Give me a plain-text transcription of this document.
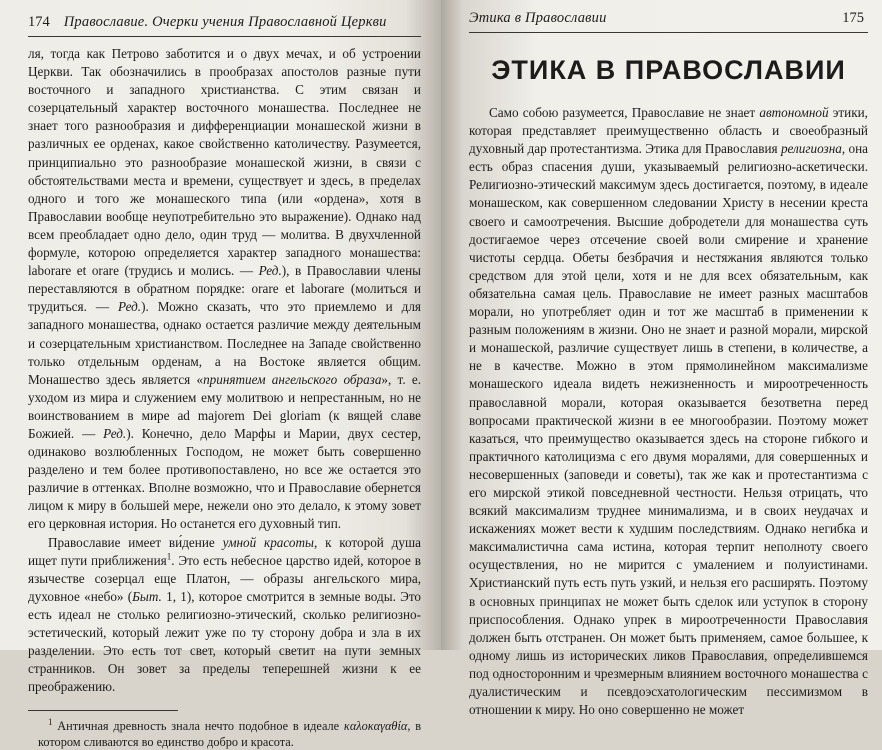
174 Православие. Очерки учения Православной Церкви

ля, тогда как Петрово заботится и о двух мечах, и об устроении Церкви. Так обозначились в прообразах апостолов разные пути восточного и западного христианства. С этим связан и созерцательный характер восточного монашества. Последнее не знает того разнообразия и дифференциации монашеской жизни в различных ее орденах, какое свойственно католичеству. Разумеется, принципиально это разнообразие монашеской жизни, в связи с обстоятельствами места и времени, существует и здесь, в пределах одного и того же монашеского типа (или «ордена», хотя в Православии вообще неупотребительно это выражение). Однако над всем преобладает одно дело, один труд — молитва. В двухчленной формуле, которою определяется характер западного монашества: laborare et orare (трудись и молись. — Ред.), в Православии члены переставляются в обратном порядке: orare et laborare (молиться и трудиться. — Ред.). Можно сказать, что это приемлемо и для западного монашества, однако остается различие между деятельным и созерцательным христианством. Последнее на Западе свойственно только отдельным орденам, а на Востоке является общим. Монашество здесь является «принятием ангельского образа», т. е. уходом из мира и служением ему молитвою и непрестанным, но не воинствованием в мире ad majorem Dei gloriam (к вящей славе Божией. — Ред.). Конечно, дело Марфы и Марии, двух сестер, одинаково возлюбленных Господом, не может быть совершенно разделено и тем более противопоставлено, но все же остается это различие в оттенках. Вполне возможно, что и Православие обернется лицом к миру в большей мере, нежели оно это делало, к этому зовет его церковная история. Но останется его духовный тип.

Православие имеет ви́дение умной красоты, к которой душа ищет пути приближения$^1$. Это есть небесное царство идей, которое в язычестве созерцал еще Платон, — образы ангельского мира, духовное «небо» (Быт. 1, 1), которое смотрится в земные воды. Это есть идеал не столько религиозно-этический, сколько религиозно-эстетический, который лежит уже по ту сторону добра и зла в их разделении. Это есть тот свет, который светит на пути земных странников. Он зовет за пределы теперешней жизни к ее преображению.

$^1$ Античная древность знала нечто подобное в идеале καλοκαγαθία, в котором сливаются во единство добро и красота.

Этика в Православии	175
ЭТИКА В ПРАВОСЛАВИИ

Само собою разумеется, Православие не знает автономной этики, которая представляет преимущественно область и своеобразный духовный дар протестантизма. Этика для Православия религиозна, она есть образ спасения души, указываемый религиозно-аскетически. Религиозно-этический максимум здесь достигается, поэтому, в идеале монашеском, как совершенном следовании Христу в несении креста своего и самоотречения. Высшие добродетели для монашества суть достигаемое через отсечение своей воли смирение и хранение чистоты сердца. Обеты безбрачия и нестяжания являются только средством для этой цели, хотя и не для всех обязательным, как обязательна самая цель. Православие не имеет разных масштабов морали, но употребляет один и тот же масштаб в применении к разным положениям в жизни. Оно не знает и разной морали, мирской и монашеской, различие существует лишь в степени, в количестве, а не в качестве. Можно в этом прямолинейном максимализме монашеского идеала видеть нежизненность и мироотреченность православной морали, которая оказывается безответна перед вопросами практической жизни в ее многообразии. Поэтому может казаться, что преимущество оказывается здесь на стороне гибкого и практичного католицизма с его двумя моралями, для совершенных и несовершенных (заповеди и советы), так же как и протестантизма с его мирской этикой повседневной честности. Нельзя отрицать, что всякий максимализм труднее минимализма, и в своих неудачах и искажениях может вести к худшим последствиям. Однако негибка и максималистична сама истина, которая терпит неполноту своего осуществления, но не мирится с умалением и полуистинами. Христианский путь есть путь узкий, и нельзя его расширять. Поэтому в основных принципах не может быть сделок или уступок в сторону приспособления. Однако упрек в мироотреченности Православия должен быть отстранен. Он может быть применяем, самое большее, к одному лишь из исторических ликов Православия, определившемся под односторонним и чрезмерным влиянием восточного монашества с дуалистическим и псевдоэсхатологическим пессимизмом в отношении к миру. Но оно совершенно не может
